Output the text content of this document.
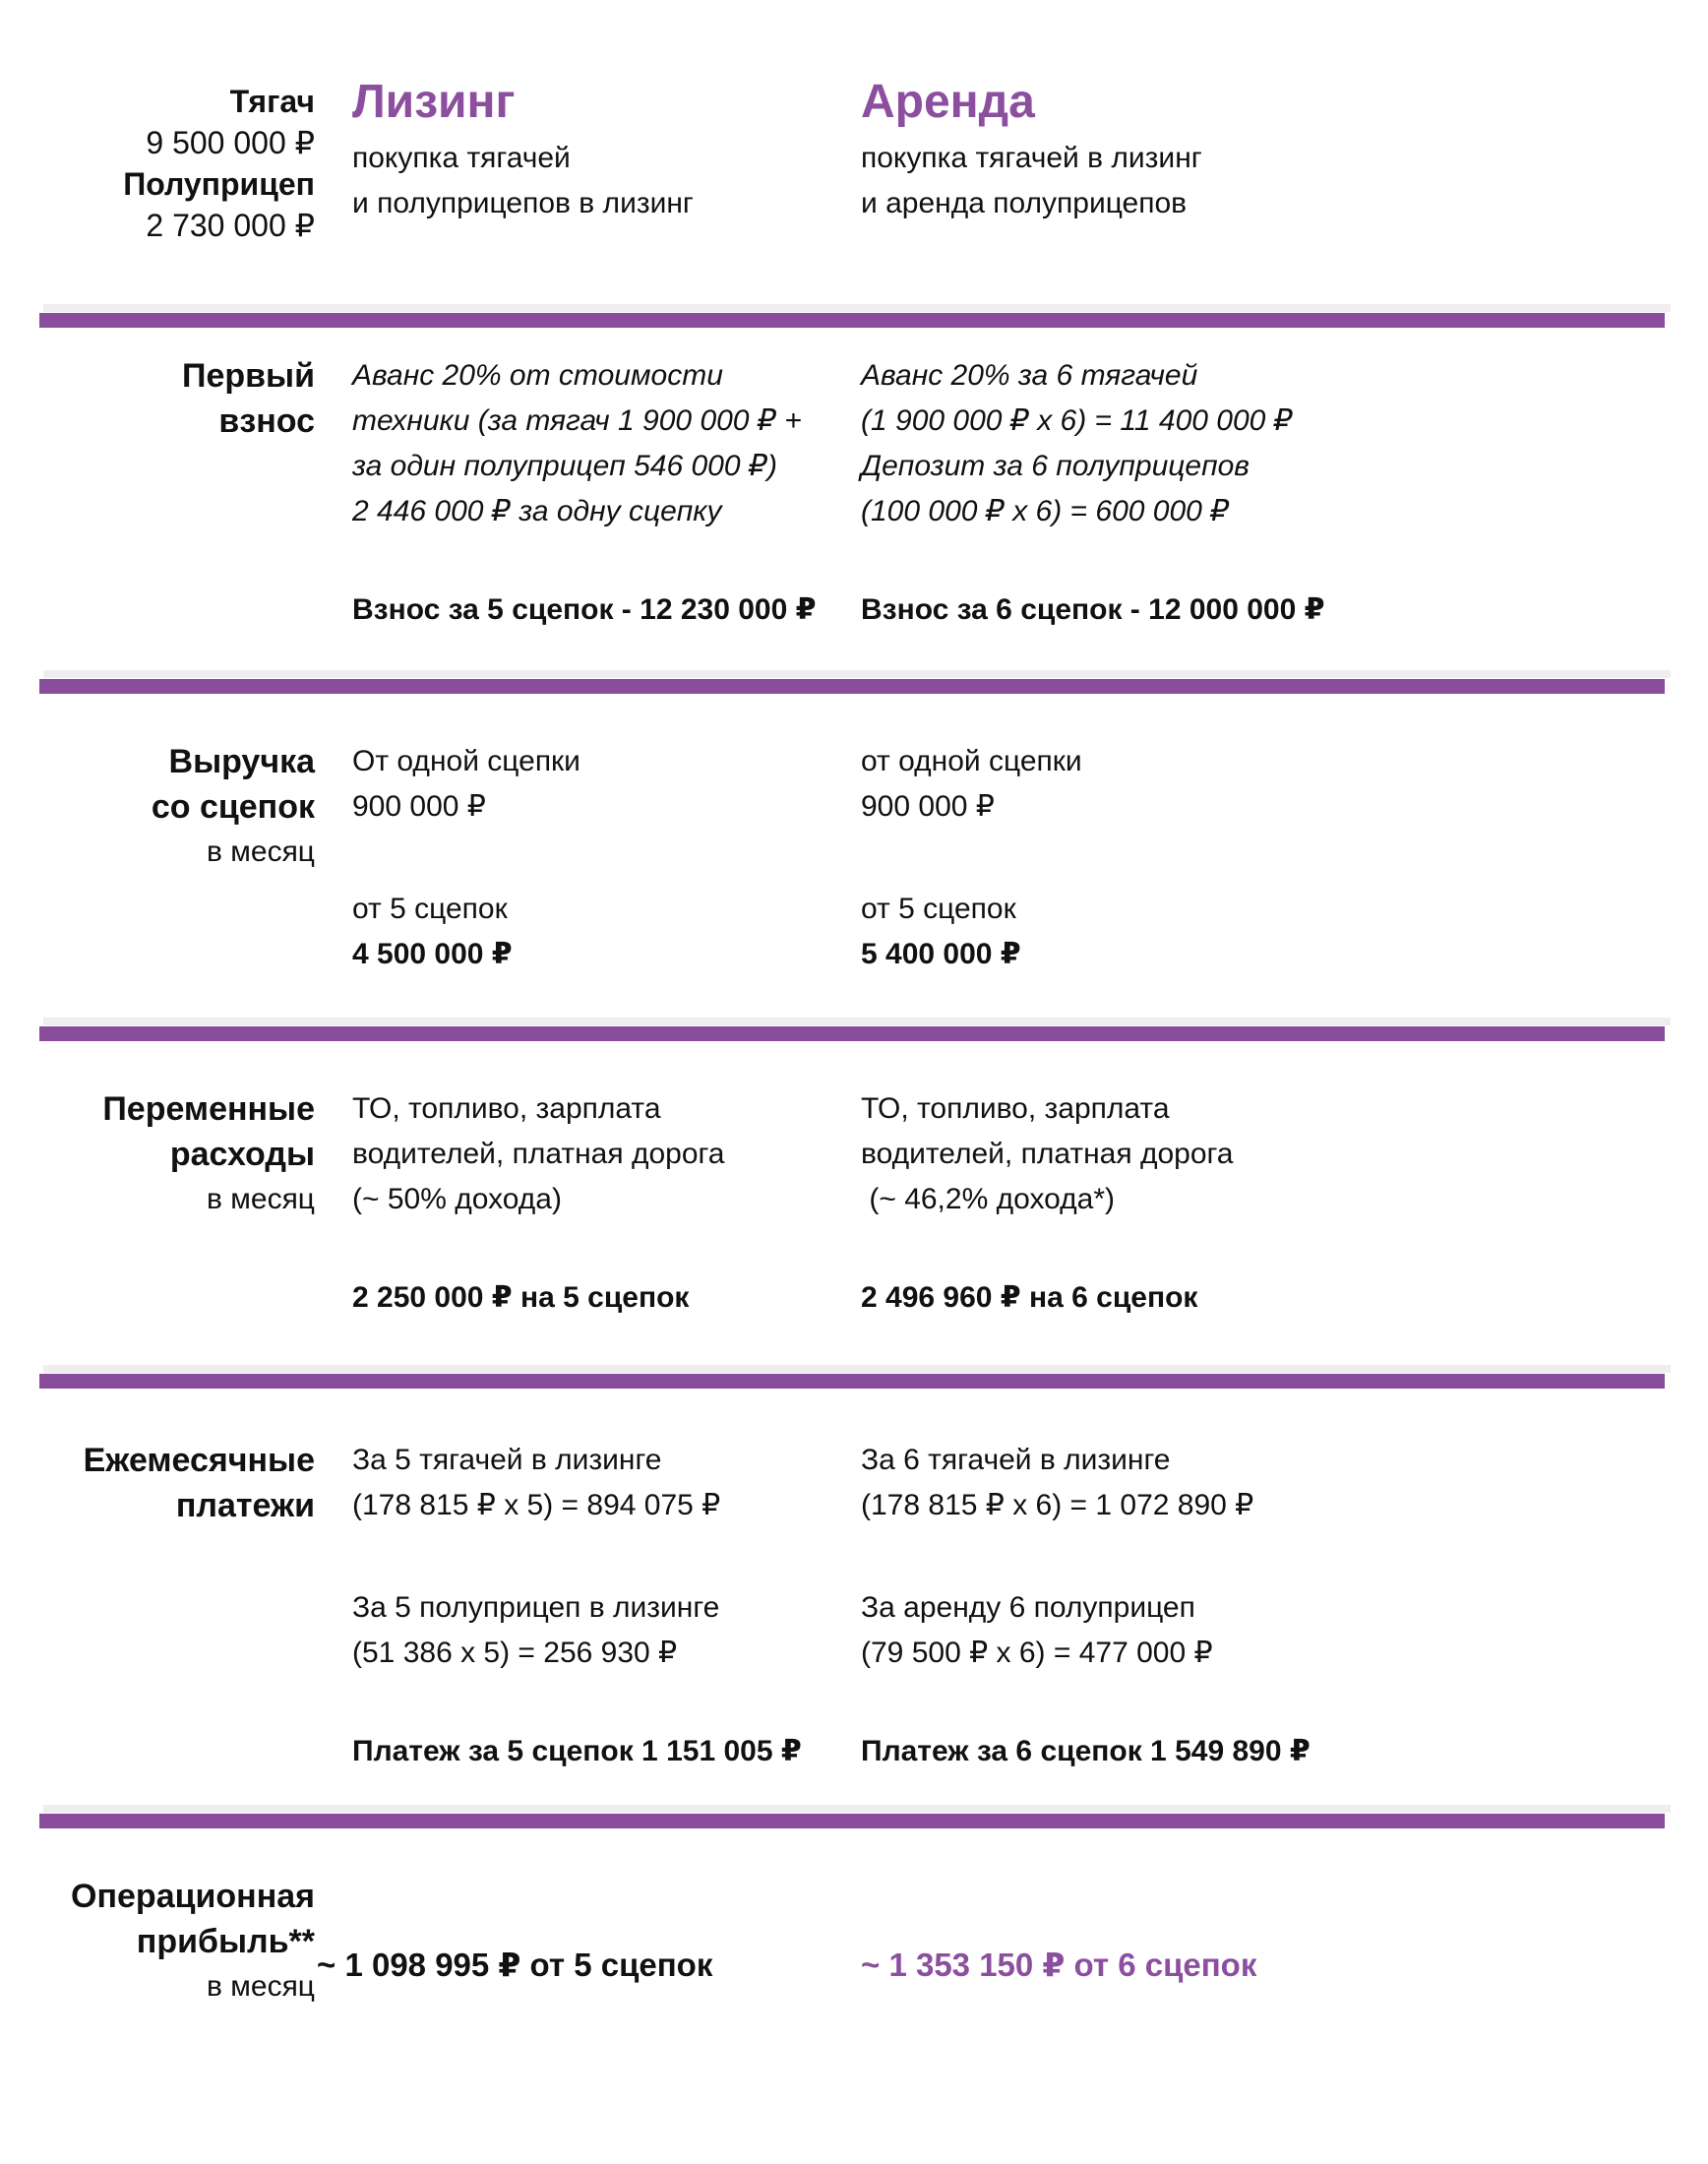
Тягач
9 500 000 ₽
Полуприцеп
2 730 000 ₽
Лизинг
покупка тягачей
и полуприцепов в лизинг
Аренда
покупка тягачей в лизинг
и аренда полуприцепов
Первый
взнос
Аванс 20% от стоимости
техники (за тягач 1 900 000 ₽ +
за один полуприцеп 546 000 ₽)
2 446 000 ₽ за одну сцепку
Взнос за 5 сцепок - 12 230 000 ₽
Аванс 20% за 6 тягачей
(1 900 000 ₽ x 6) = 11 400 000 ₽
Депозит за 6 полуприцепов
(100 000 ₽ x 6) = 600 000 ₽
Взнос за 6 сцепок - 12 000 000 ₽
Выручка
со сцепок
в месяц
От одной сцепки
900 000 ₽
от 5 сцепок
4 500 000 ₽
от одной сцепки
900 000 ₽
от 5 сцепок
5 400 000 ₽
Переменные
расходы
в месяц
ТО, топливо, зарплата
водителей, платная дорога
(~ 50% дохода)
2 250 000 ₽ на 5 сцепок
ТО, топливо, зарплата
водителей, платная дорога
(~ 46,2% дохода*)
2 496 960 ₽ на 6 сцепок
Ежемесячные
платежи
За 5 тягачей в лизинге
(178 815 ₽ x 5) = 894 075 ₽
За 5 полуприцеп в лизинге
(51 386 x 5) = 256 930 ₽
Платеж за 5 сцепок 1 151 005 ₽
За 6 тягачей в лизинге
(178 815 ₽ x 6) = 1 072 890 ₽
За аренду 6 полуприцеп
(79 500 ₽ x 6) = 477 000 ₽
Платеж за 6 сцепок 1 549 890 ₽
Операционная
прибыль**
в месяц
~ 1 098 995 ₽ от 5 сцепок	~ 1 353 150 ₽ от 6 сцепок
